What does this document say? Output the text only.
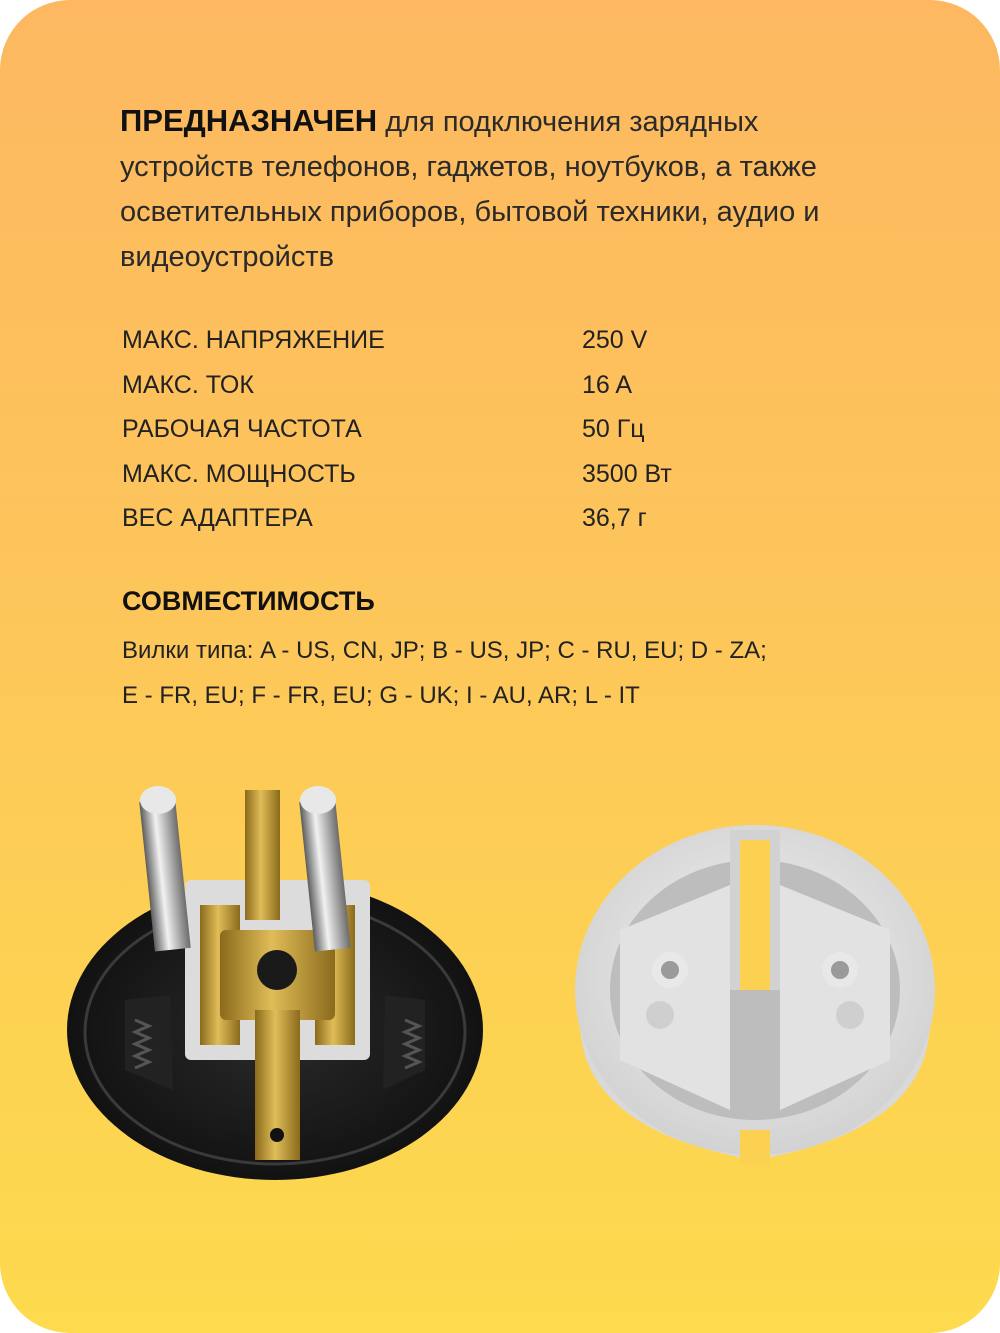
ПРЕДНАЗНАЧЕН для подключения зарядных устройств телефонов, гаджетов, ноутбуков, а также осветительных приборов, бытовой техники, аудио и видеоустройств
МАКС. НАПРЯЖЕНИЕ	250 V
МАКС. ТОК	16 A
РАБОЧАЯ ЧАСТОТА	50 Гц
МАКС. МОЩНОСТЬ	3500 Вт
ВЕС АДАПТЕРА	36,7 г
СОВМЕСТИМОСТЬ
Вилки типа: A - US, CN, JP; B - US, JP; C - RU, EU; D - ZA;
E - FR, EU; F - FR, EU; G - UK; I - AU, AR; L - IT
